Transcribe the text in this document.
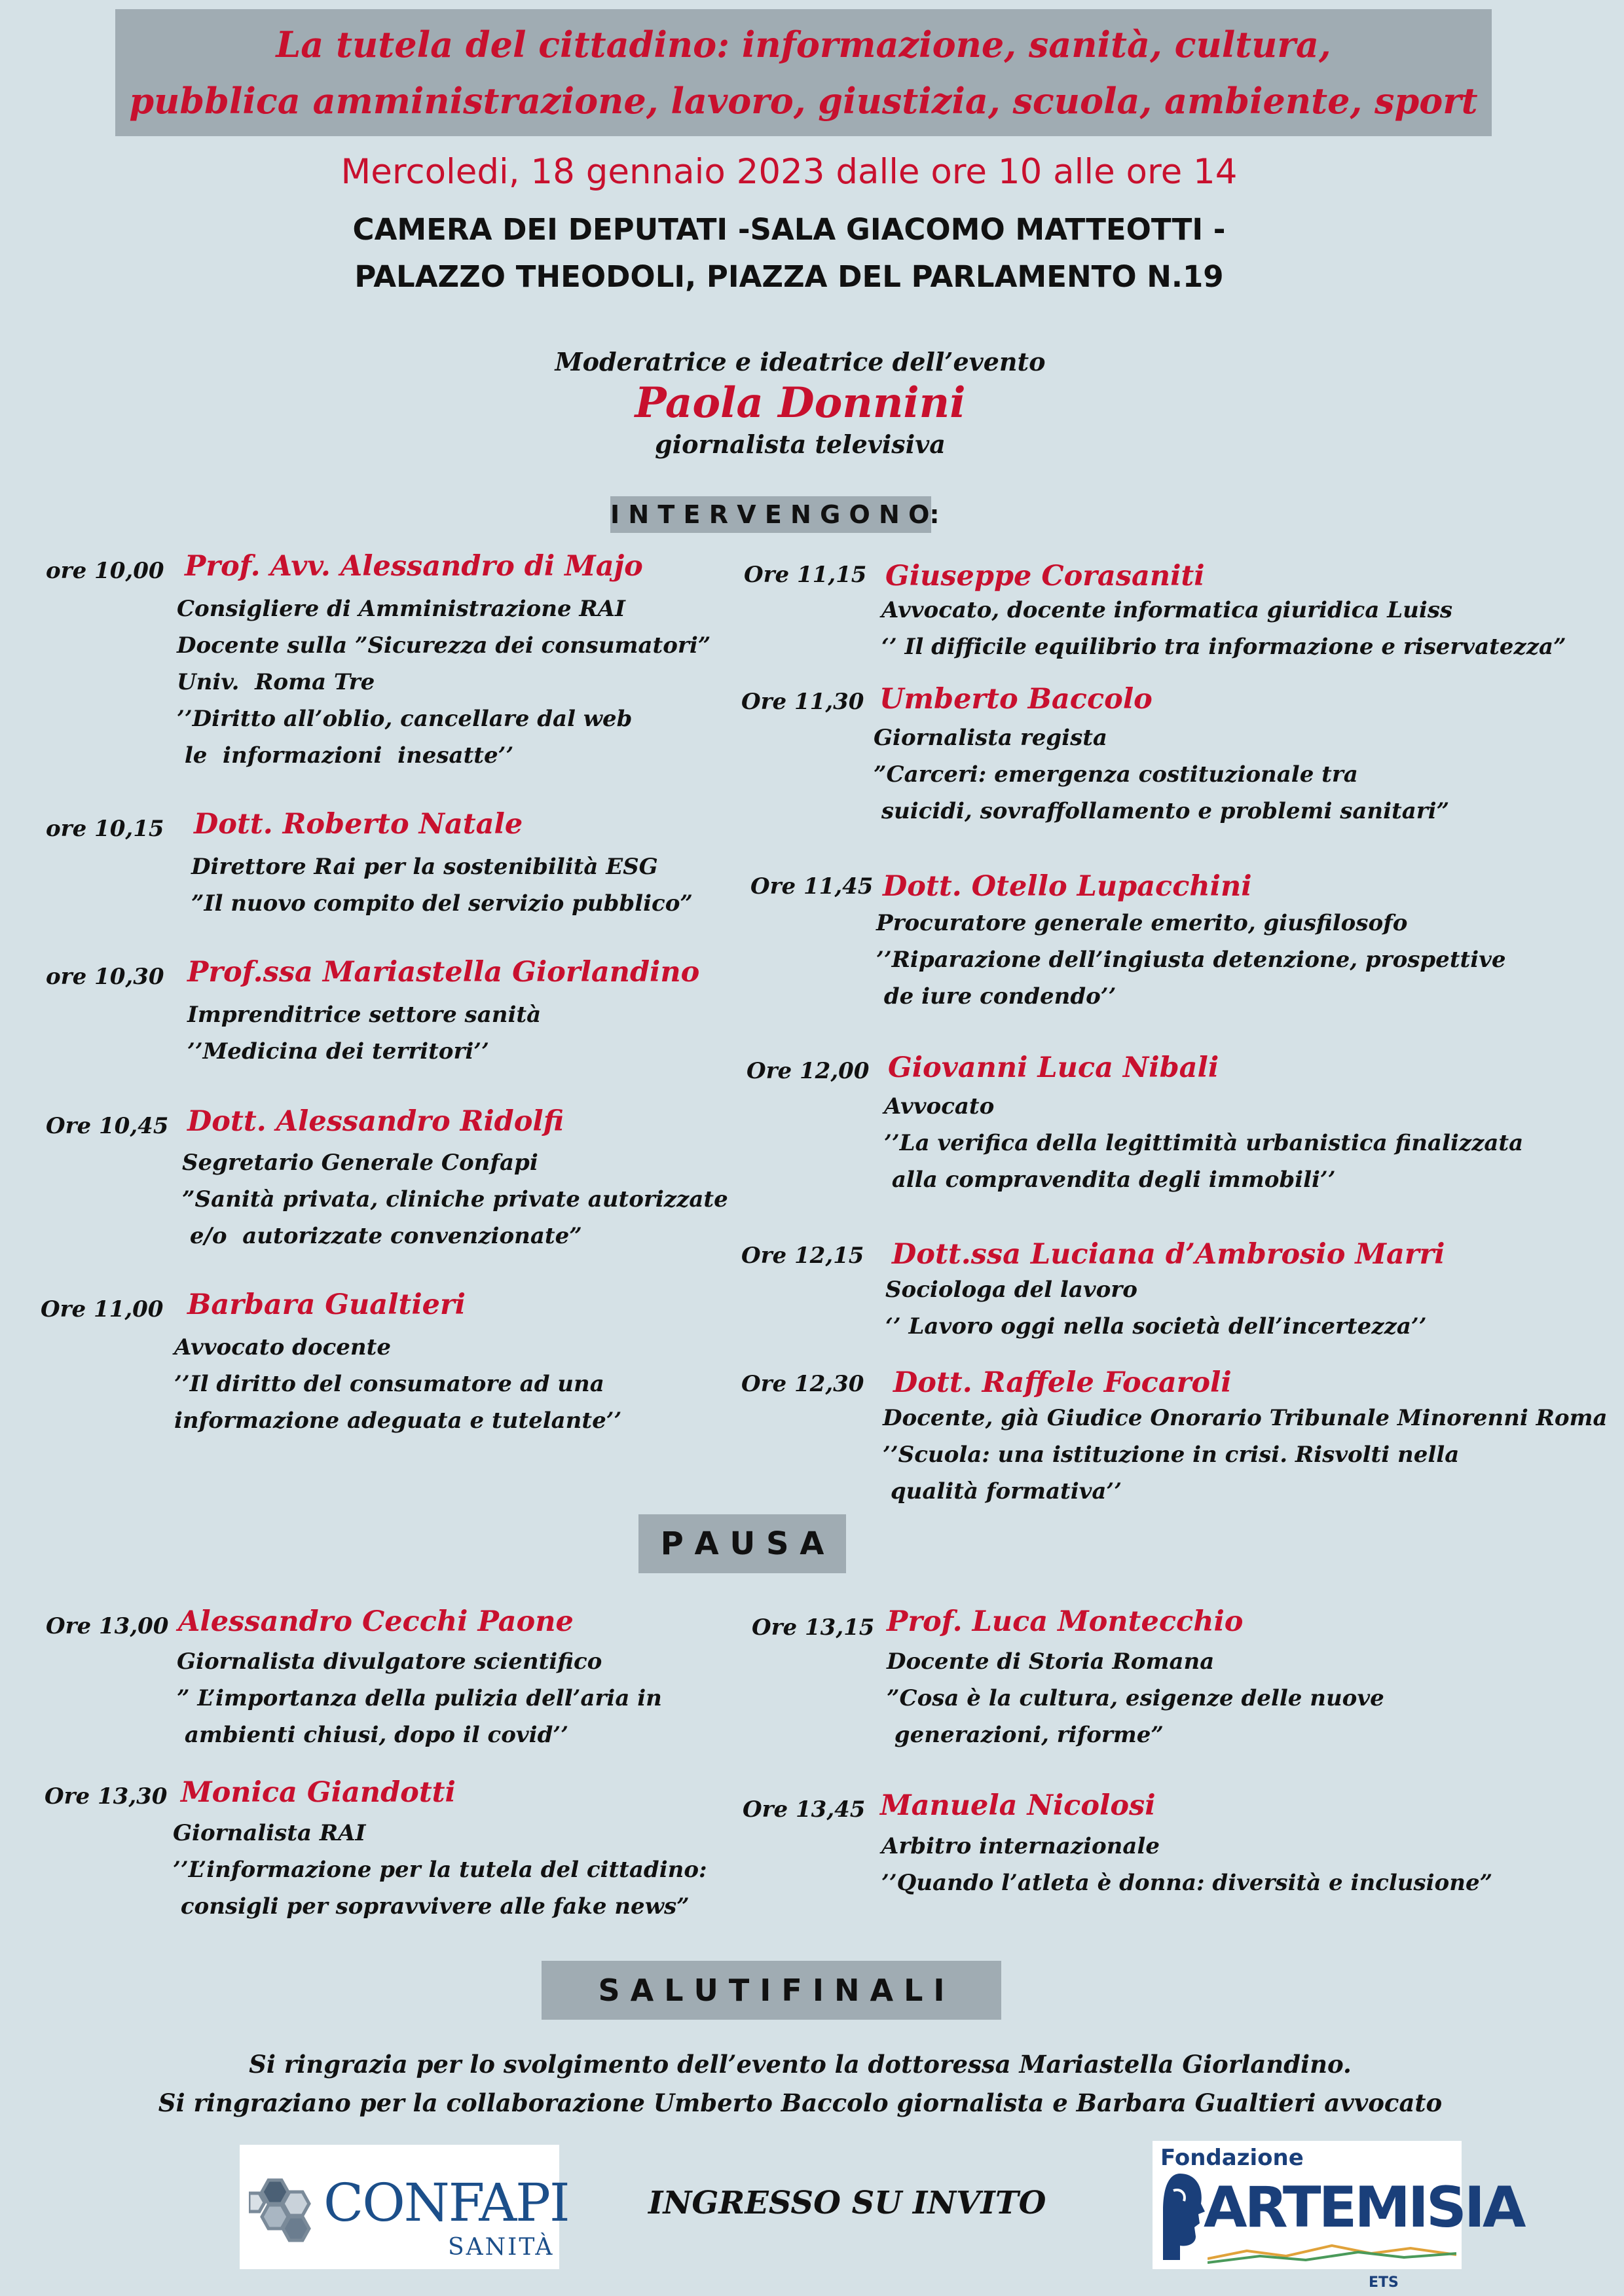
La tutela del cittadino: informazione, sanità, cultura,
pubblica amministrazione, lavoro, giustizia, scuola, ambiente, sport
Mercoledi, 18 gennaio 2023 dalle ore 10 alle ore 14
CAMERA DEI DEPUTATI -SALA GIACOMO MATTEOTTI -
PALAZZO THEODOLI, PIAZZA DEL PARLAMENTO N.19
Moderatrice e ideatrice dell’evento
Paola Donnini
giornalista televisiva
I N T E R V E N G O N O:
ore 10,00 Prof. Avv. Alessandro di Majo
Consigliere di Amministrazione RAI
Docente sulla ”Sicurezza dei consumatori”
Univ.  Roma Tre
’’Diritto all’oblio, cancellare dal web
le  informazioni  inesatte’’
ore 10,15 Dott. Roberto Natale
Direttore Rai per la sostenibilità ESG
”Il nuovo compito del servizio pubblico”
ore 10,30 Prof.ssa Mariastella Giorlandino
Imprenditrice settore sanità
’’Medicina dei territori’’
Ore 10,45 Dott. Alessandro Ridolfi
Segretario Generale Confapi
”Sanità privata, cliniche private autorizzate
e/o  autorizzate convenzionate”
Ore 11,00 Barbara Gualtieri
Avvocato docente
’’Il diritto del consumatore ad una
informazione adeguata e tutelante’’
Ore 11,15 Giuseppe Corasaniti
Avvocato, docente informatica giuridica Luiss
‘’ Il difficile equilibrio tra informazione e riservatezza”
Ore 11,30 Umberto Baccolo
Giornalista regista
”Carceri: emergenza costituzionale tra
suicidi, sovraffollamento e problemi sanitari”
Ore 11,45 Dott. Otello Lupacchini
Procuratore generale emerito, giusfilosofo
’’Riparazione dell’ingiusta detenzione, prospettive
de iure condendo’’
Ore 12,00 Giovanni Luca Nibali
Avvocato
’’La verifica della legittimità urbanistica finalizzata
alla compravendita degli immobili’’
Ore 12,15 Dott.ssa Luciana d’Ambrosio Marri
Sociologa del lavoro
‘’ Lavoro oggi nella società dell’incertezza’’
Ore 12,30 Dott. Raffele Focaroli
Docente, già Giudice Onorario Tribunale Minorenni Roma
’’Scuola: una istituzione in crisi. Risvolti nella
qualità formativa’’
Ore 13,00 Alessandro Cecchi Paone
Giornalista divulgatore scientifico
” L’importanza della pulizia dell’aria in
ambienti chiusi, dopo il covid’’
Ore 13,30 Monica Giandotti
Giornalista RAI
’’L’informazione per la tutela del cittadino:
consigli per sopravvivere alle fake news”
Ore 13,15 Prof. Luca Montecchio
Docente di Storia Romana
”Cosa è la cultura, esigenze delle nuove
generazioni, riforme”
Ore 13,45 Manuela Nicolosi
Arbitro internazionale
’’Quando l’atleta è donna: diversità e inclusione”
P A U S A
S A L U T I F I N A L I
Si ringrazia per lo svolgimento dell’evento la dottoressa Mariastella Giorlandino.
Si ringraziano per la collaborazione Umberto Baccolo giornalista e Barbara Gualtieri avvocato
CONFAPI
SANITÀ
INGRESSO SU INVITO
Fondazione
ARTEMISIA
ETS
